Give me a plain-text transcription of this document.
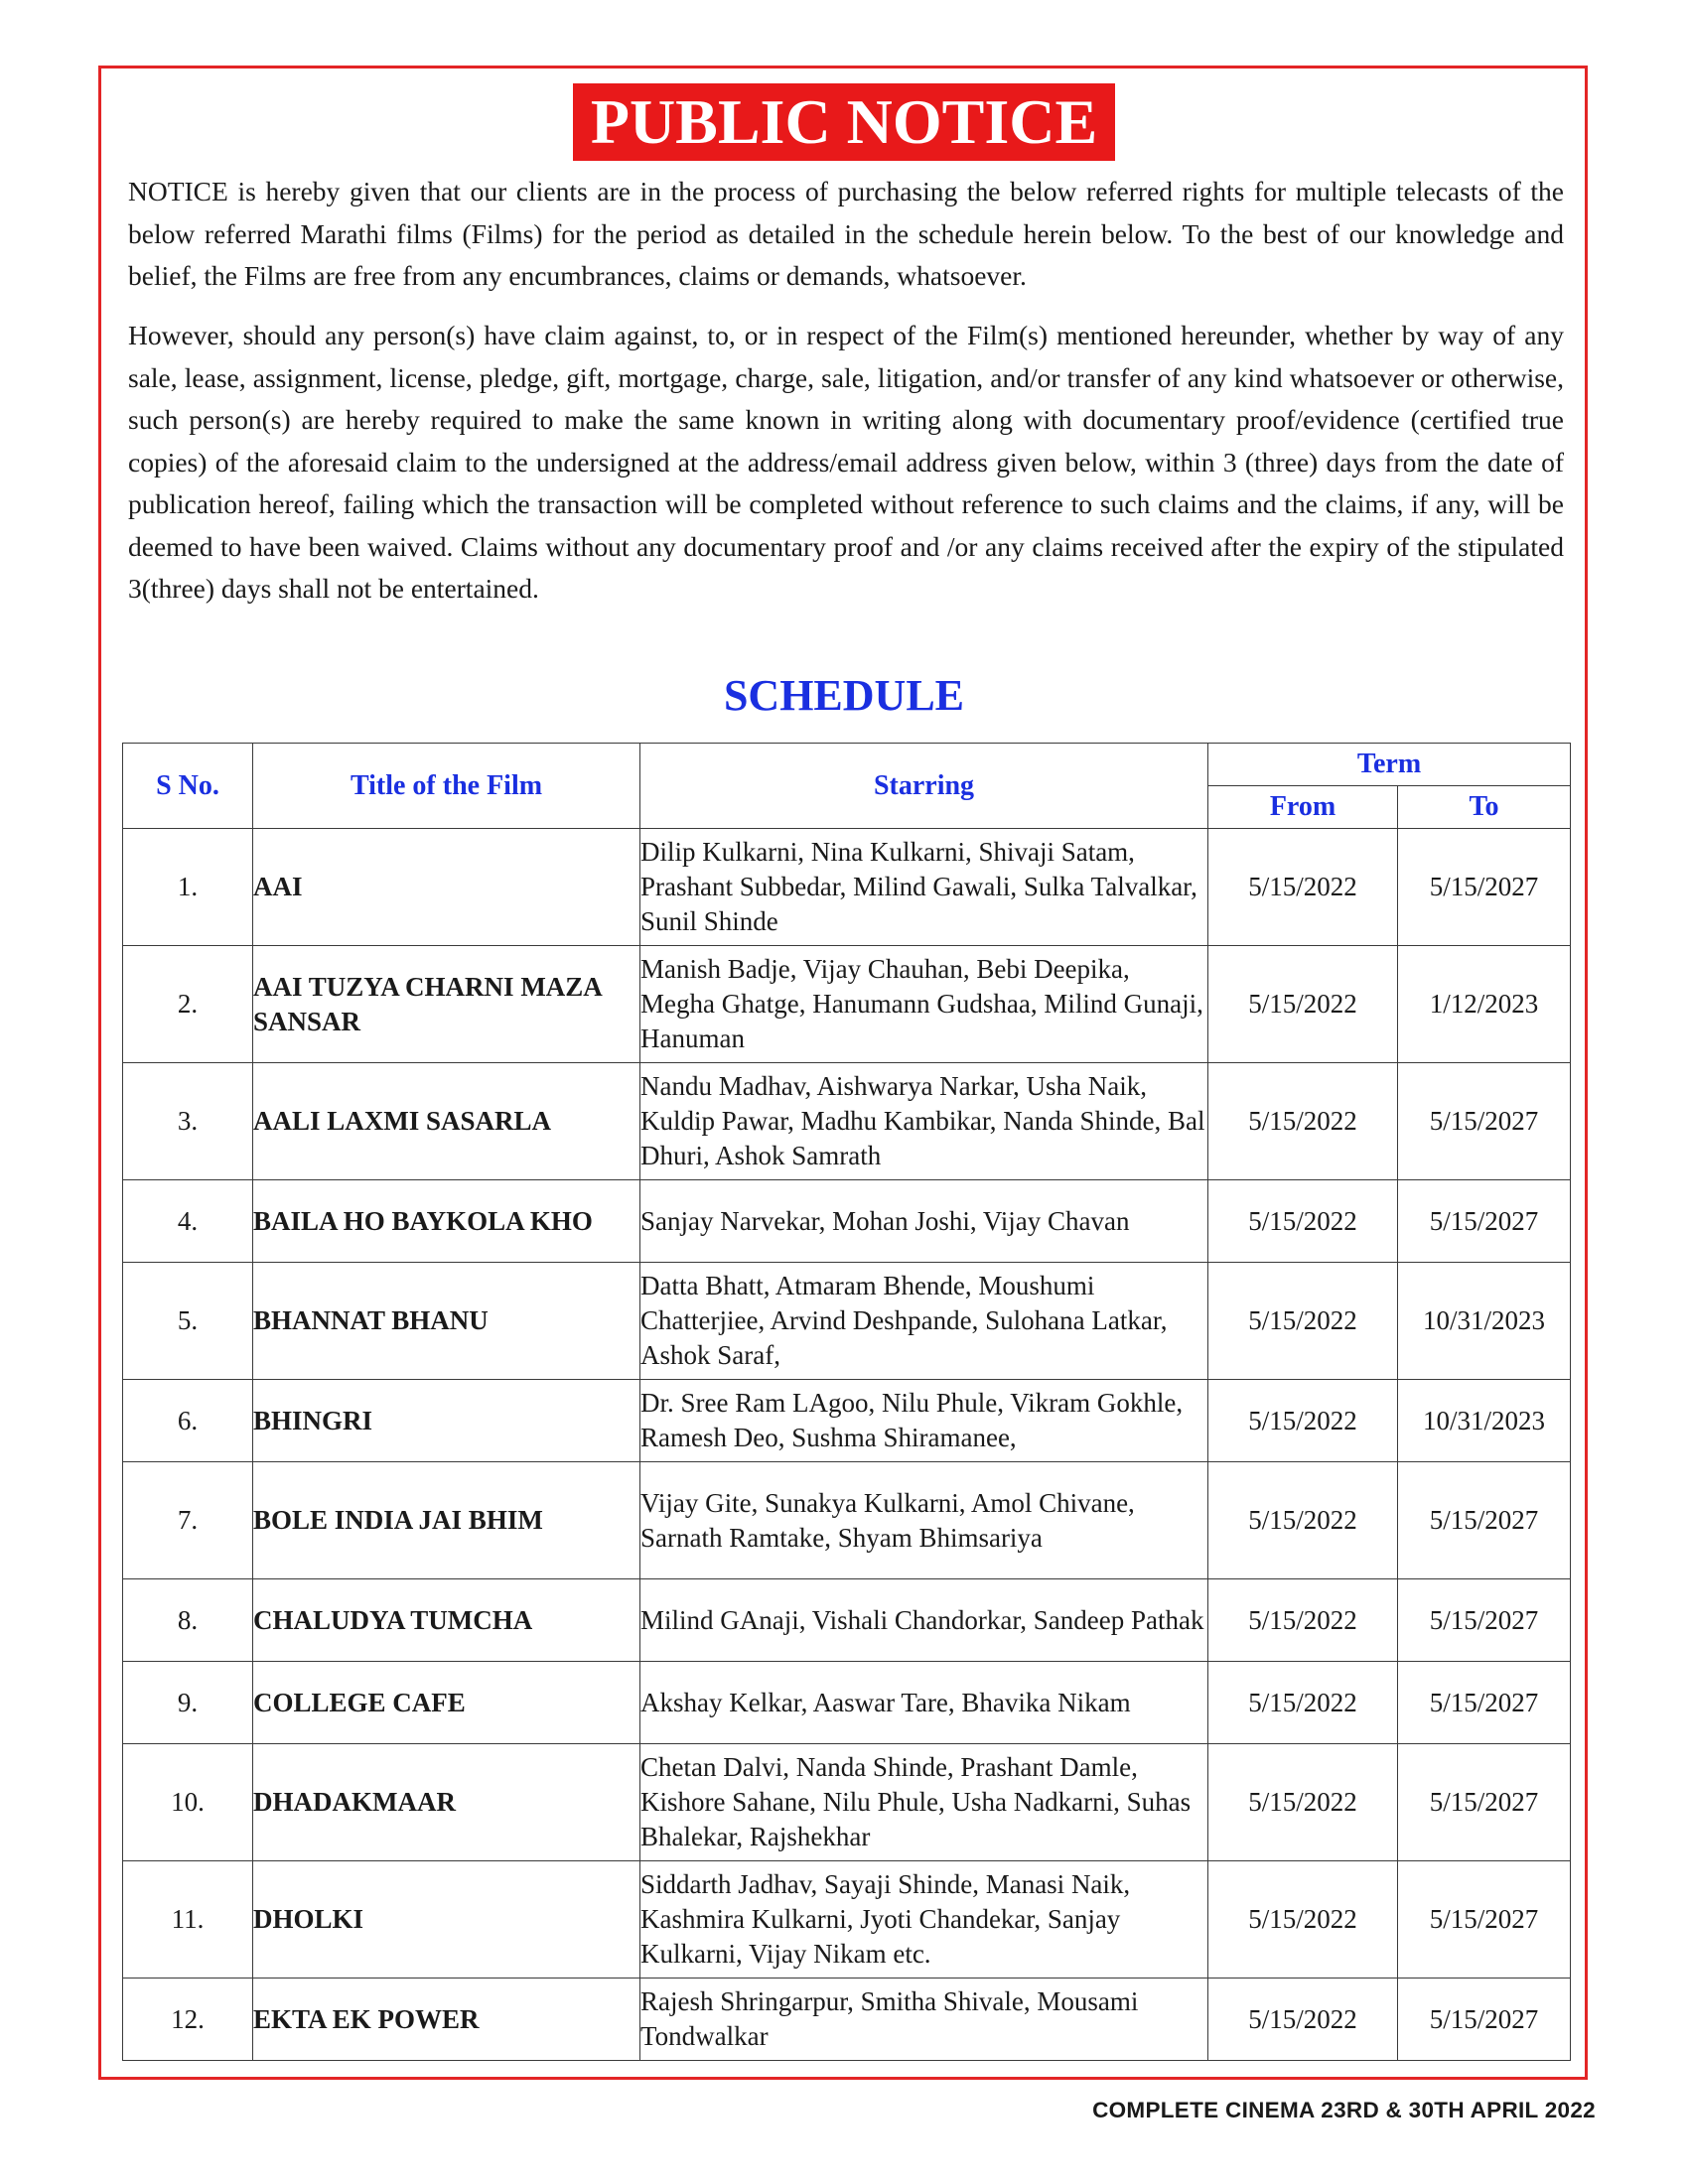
PUBLIC NOTICE

NOTICE is hereby given that our clients are in the process of purchasing the below referred rights for multiple telecasts of the below referred Marathi films (Films) for the period as detailed in the schedule herein below. To the best of our knowledge and belief, the Films are free from any encumbrances, claims or demands, whatsoever.

However, should any person(s) have claim against, to, or in respect of the Film(s) mentioned hereunder, whether by way of any sale, lease, assignment, license, pledge, gift, mortgage, charge, sale, litigation, and/or transfer of any kind whatsoever or otherwise, such person(s) are hereby required to make the same known in writing along with documentary proof/evidence (certified true copies) of the aforesaid claim to the undersigned at the address/email address given below, within 3 (three) days from the date of publication hereof, failing which the transaction will be completed without reference to such claims and the claims, if any, will be deemed to have been waived. Claims without any documentary proof and /or any claims received after the expiry of the stipulated 3(three) days shall not be entertained.

SCHEDULE
S No.	Title of the Film	Starring	Term	
			From	To
1.	AAI	Dilip Kulkarni, Nina Kulkarni, Shivaji Satam, Prashant Subbedar, Milind Gawali, Sulka Talvalkar, Sunil Shinde	5/15/2022	5/15/2027
2.	AAI TUZYA CHARNI MAZA SANSAR	Manish Badje, Vijay Chauhan, Bebi Deepika, Megha Ghatge, Hanumann Gudshaa, Milind Gunaji, Hanuman	5/15/2022	1/12/2023
3.	AALI LAXMI SASARLA	Nandu Madhav, Aishwarya Narkar, Usha Naik, Kuldip Pawar, Madhu Kambikar, Nanda Shinde, Bal Dhuri, Ashok Samrath	5/15/2022	5/15/2027
4.	BAILA HO BAYKOLA KHO	Sanjay Narvekar, Mohan Joshi, Vijay Chavan	5/15/2022	5/15/2027
5.	BHANNAT BHANU	Datta Bhatt, Atmaram Bhende, Moushumi Chatterjiee, Arvind Deshpande, Sulohana Latkar, Ashok Saraf,	5/15/2022	10/31/2023
6.	BHINGRI	Dr. Sree Ram LAgoo, Nilu Phule, Vikram Gokhle, Ramesh Deo, Sushma Shiramanee,	5/15/2022	10/31/2023
7.	BOLE INDIA JAI BHIM	Vijay Gite, Sunakya Kulkarni, Amol Chivane, Sarnath Ramtake, Shyam Bhimsariya	5/15/2022	5/15/2027
8.	CHALUDYA TUMCHA	Milind GAnaji, Vishali Chandorkar, Sandeep Pathak	5/15/2022	5/15/2027
9.	COLLEGE CAFE	Akshay Kelkar, Aaswar Tare, Bhavika Nikam	5/15/2022	5/15/2027
10.	DHADAKMAAR	Chetan Dalvi, Nanda Shinde, Prashant Damle, Kishore Sahane, Nilu Phule, Usha Nadkarni, Suhas Bhalekar, Rajshekhar	5/15/2022	5/15/2027
11.	DHOLKI	Siddarth Jadhav, Sayaji Shinde, Manasi Naik, Kashmira Kulkarni, Jyoti Chandekar, Sanjay Kulkarni, Vijay Nikam etc.	5/15/2022	5/15/2027
12.	EKTA EK POWER	Rajesh Shringarpur, Smitha Shivale, Mousami Tondwalkar	5/15/2022	5/15/2027
COMPLETE CINEMA 23RD & 30TH APRIL 2022
